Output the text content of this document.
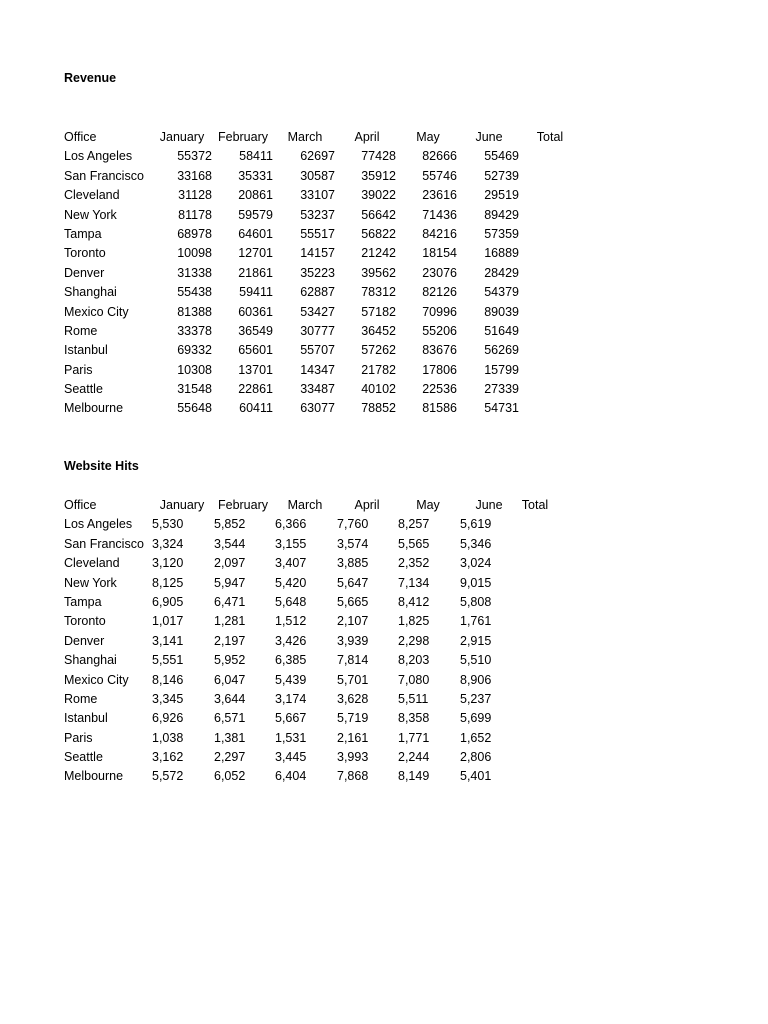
Revenue
Office	January	February	March	April	May	June	Total
Los Angeles	55372	58411	62697	77428	82666	55469
San Francisco	33168	35331	30587	35912	55746	52739
Cleveland	31128	20861	33107	39022	23616	29519
New York	81178	59579	53237	56642	71436	89429
Tampa	68978	64601	55517	56822	84216	57359
Toronto	10098	12701	14157	21242	18154	16889
Denver	31338	21861	35223	39562	23076	28429
Shanghai	55438	59411	62887	78312	82126	54379
Mexico City	81388	60361	53427	57182	70996	89039
Rome	33378	36549	30777	36452	55206	51649
Istanbul	69332	65601	55707	57262	83676	56269
Paris	10308	13701	14347	21782	17806	15799
Seattle	31548	22861	33487	40102	22536	27339
Melbourne	55648	60411	63077	78852	81586	54731
Website Hits
Office	January	February	March	April	May	June	Total
Los Angeles 5,530 5,852 6,366 7,760 8,257 5,619
San Francisco 3,324 3,544 3,155 3,574 5,565 5,346
Cleveland	3,120 2,097 3,407 3,885 2,352 3,024
New York	8,125 5,947 5,420 5,647 7,134 9,015
Tampa	6,905 6,471 5,648 5,665 8,412 5,808
Toronto	1,017 1,281 1,512 2,107 1,825 1,761
Denver	3,141 2,197 3,426 3,939 2,298 2,915
Shanghai	5,551 5,952 6,385 7,814 8,203 5,510
Mexico City 8,146 6,047 5,439 5,701 7,080 8,906
Rome	3,345 3,644 3,174 3,628 5,511	5,237
Istanbul	6,926 6,571 5,667 5,719 8,358 5,699
Paris	1,038 1,381 1,531 2,161 1,771 1,652
Seattle	3,162 2,297 3,445 3,993 2,244 2,806
Melbourne 5,572 6,052 6,404 7,868 8,149 5,401
